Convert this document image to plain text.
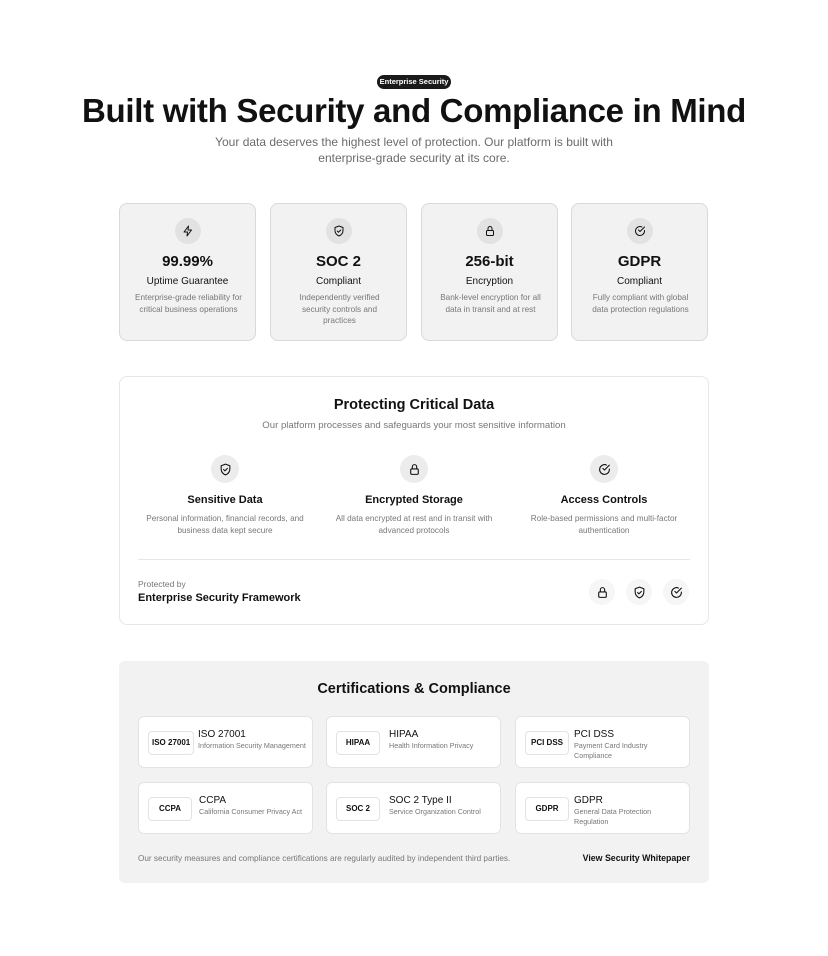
Enterprise Security
Built with Security and Compliance in Mind

Your data deserves the highest level of protection. Our platform is built with enterprise-grade security at its core.

99.99%
Uptime Guarantee
Enterprise-grade reliability for critical business operations
SOC 2
Compliant
Independently verified security controls and practices
256-bit
Encryption
Bank-level encryption for all data in transit and at rest
GDPR
Compliant
Fully compliant with global data protection regulations
Protecting Critical Data

Our platform processes and safeguards your most sensitive information

Sensitive Data
Personal information, financial records, and business data kept secure
Encrypted Storage
All data encrypted at rest and in transit with advanced protocols
Access Controls
Role-based permissions and multi-factor authentication
Protected by
Enterprise Security Framework
Certifications & Compliance
ISO 27001
ISO 27001
Information Security Management	HIPAA
HIPAA
Health Information Privacy	PCI DSS
PCI DSS
Payment Card Industry Compliance
CCPA
CCPA
California Consumer Privacy Act	SOC 2
SOC 2 Type II
Service Organization Control	GDPR
GDPR
General Data Protection Regulation

Our security measures and compliance certifications are regularly audited by independent third parties.	View Security Whitepaper
